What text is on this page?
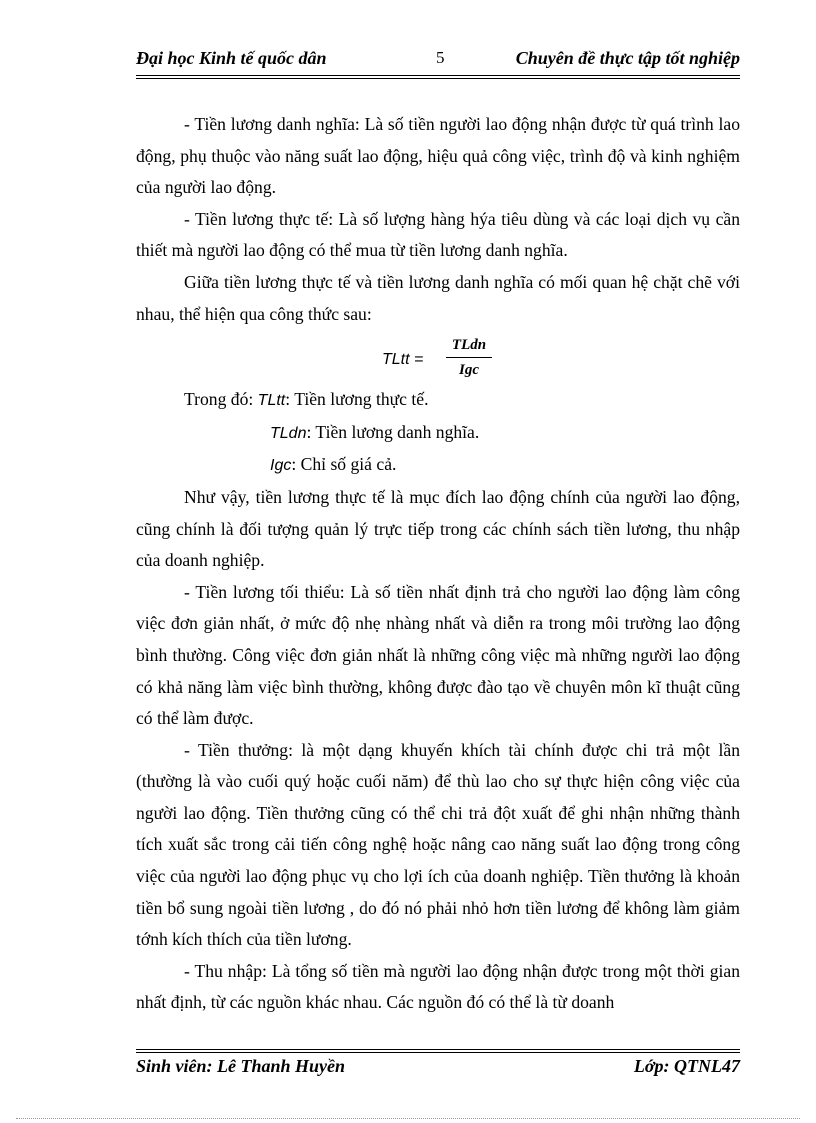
Đại học Kinh tế quốc dân	5	Chuyên đề thực tập tốt nghiệp

- Tiền lương danh nghĩa: Là số tiền người lao động nhận được từ quá trình lao động, phụ thuộc vào năng suất lao động, hiệu quả công việc, trình độ và kinh nghiệm của người lao động.

- Tiền lương thực tế: Là số lượng hàng hýa tiêu dùng và các loại dịch vụ cần thiết mà người lao động có thể mua từ tiền lương danh nghĩa.

Giữa tiền lương thực tế và tiền lương danh nghĩa có mối quan hệ chặt chẽ với nhau, thể hiện qua công thức sau:

TLtt =
TLdn
Igc
Trong đó: TLtt: Tiền lương thực tế.
TLdn: Tiền lương danh nghĩa.
Igc: Chỉ số giá cả.

Như vậy, tiền lương thực tế là mục đích lao động chính của người lao động, cũng chính là đối tượng quản lý trực tiếp trong các chính sách tiền lương, thu nhập của doanh nghiệp.

- Tiền lương tối thiểu: Là số tiền nhất định trả cho người lao động làm công việc đơn giản nhất, ở mức độ nhẹ nhàng nhất và diễn ra trong môi trường lao động bình thường. Công việc đơn giản nhất là những công việc mà những người lao động có khả năng làm việc bình thường, không được đào tạo về chuyên môn kĩ thuật cũng có thể làm được.

- Tiền thưởng: là một dạng khuyến khích tài chính được chi trả một lần (thường là vào cuối quý hoặc cuối năm) để thù lao cho sự thực hiện công việc của người lao động. Tiền thưởng cũng có thể chi trả đột xuất để ghi nhận những thành tích xuất sắc trong cải tiến công nghệ hoặc nâng cao năng suất lao động trong công việc của người lao động phục vụ cho lợi ích của doanh nghiệp. Tiền thưởng là khoản tiền bổ sung ngoài tiền lương , do đó nó phải nhỏ hơn tiền lương để không làm giảm tớnh kích thích của tiền lương.

- Thu nhập: Là tổng số tiền mà người lao động nhận được trong một thời gian nhất định, từ các nguồn khác nhau. Các nguồn đó có thể là từ doanh

Sinh viên: Lê Thanh Huyền	Lớp: QTNL47
